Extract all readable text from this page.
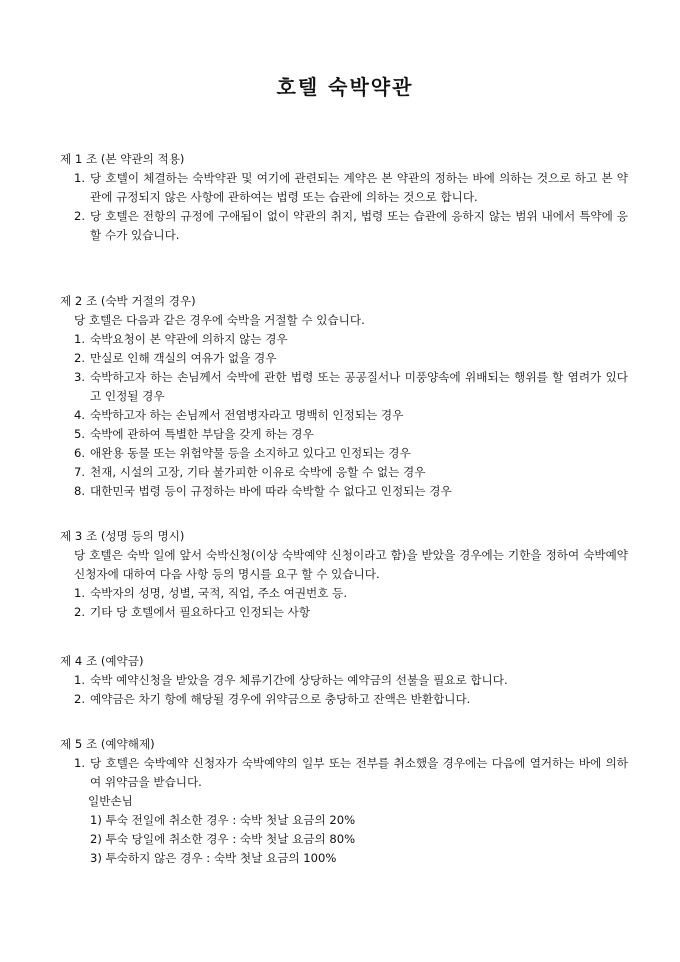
호텔 숙박약관
제 1 조 (본 약관의 적용)
1. 당 호텔이 체결하는 숙박약관 및 여기에 관련되는 계약은 본 약관의 정하는 바에 의하는 것으로 하고 본 약관에 규정되지 않은 사항에 관하여는 법령 또는 습관에 의하는 것으로 합니다.
2. 당 호텔은 전항의 규정에 구애됨이 없이 약관의 취지, 법령 또는 습관에 응하지 않는 범위 내에서 특약에 응할 수가 있습니다.
제 2 조 (숙박 거절의 경우)
당 호텔은 다음과 같은 경우에 숙박을 거절할 수 있습니다.
1. 숙박요청이 본 약관에 의하지 않는 경우
2. 만실로 인해 객실의 여유가 없을 경우
3. 숙박하고자 하는 손님께서 숙박에 관한 법령 또는 공공질서나 미풍양속에 위배되는 행위를 할 염려가 있다고 인정될 경우
4. 숙박하고자 하는 손님께서 전염병자라고 명백히 인정되는 경우
5. 숙박에 관하여 특별한 부담을 갖게 하는 경우
6. 애완용 동물 또는 위험약물 등을 소지하고 있다고 인정되는 경우
7. 천재, 시설의 고장, 기타 불가피한 이유로 숙박에 응할 수 없는 경우
8. 대한민국 법령 등이 규정하는 바에 따라 숙박할 수 없다고 인정되는 경우
제 3 조 (성명 등의 명시)
당 호텔은 숙박 일에 앞서 숙박신청(이상 숙박예약 신청이라고 함)을 받았을 경우에는 기한을 정하여 숙박예약 신청자에 대하여 다음 사항 등의 명시를 요구 할 수 있습니다.
1. 숙박자의 성명, 성별, 국적, 직업, 주소 여권번호 등.
2. 기타 당 호텔에서 필요하다고 인정되는 사항
제 4 조 (예약금)
1. 숙박 예약신청을 받았을 경우 체류기간에 상당하는 예약금의 선불을 필요로 합니다.
2. 예약금은 차기 항에 해당될 경우에 위약금으로 충당하고 잔액은 반환합니다.
제 5 조 (예약해제)
1. 당 호텔은 숙박예약 신청자가 숙박예약의 일부 또는 전부를 취소했을 경우에는 다음에 열거하는 바에 의하여 위약금을 받습니다.
일반손님
1) 투숙 전일에 취소한 경우 : 숙박 첫날 요금의 20%
2) 투숙 당일에 취소한 경우 : 숙박 첫날 요금의 80%
3) 투숙하지 않은 경우 : 숙박 첫날 요금의 100%
